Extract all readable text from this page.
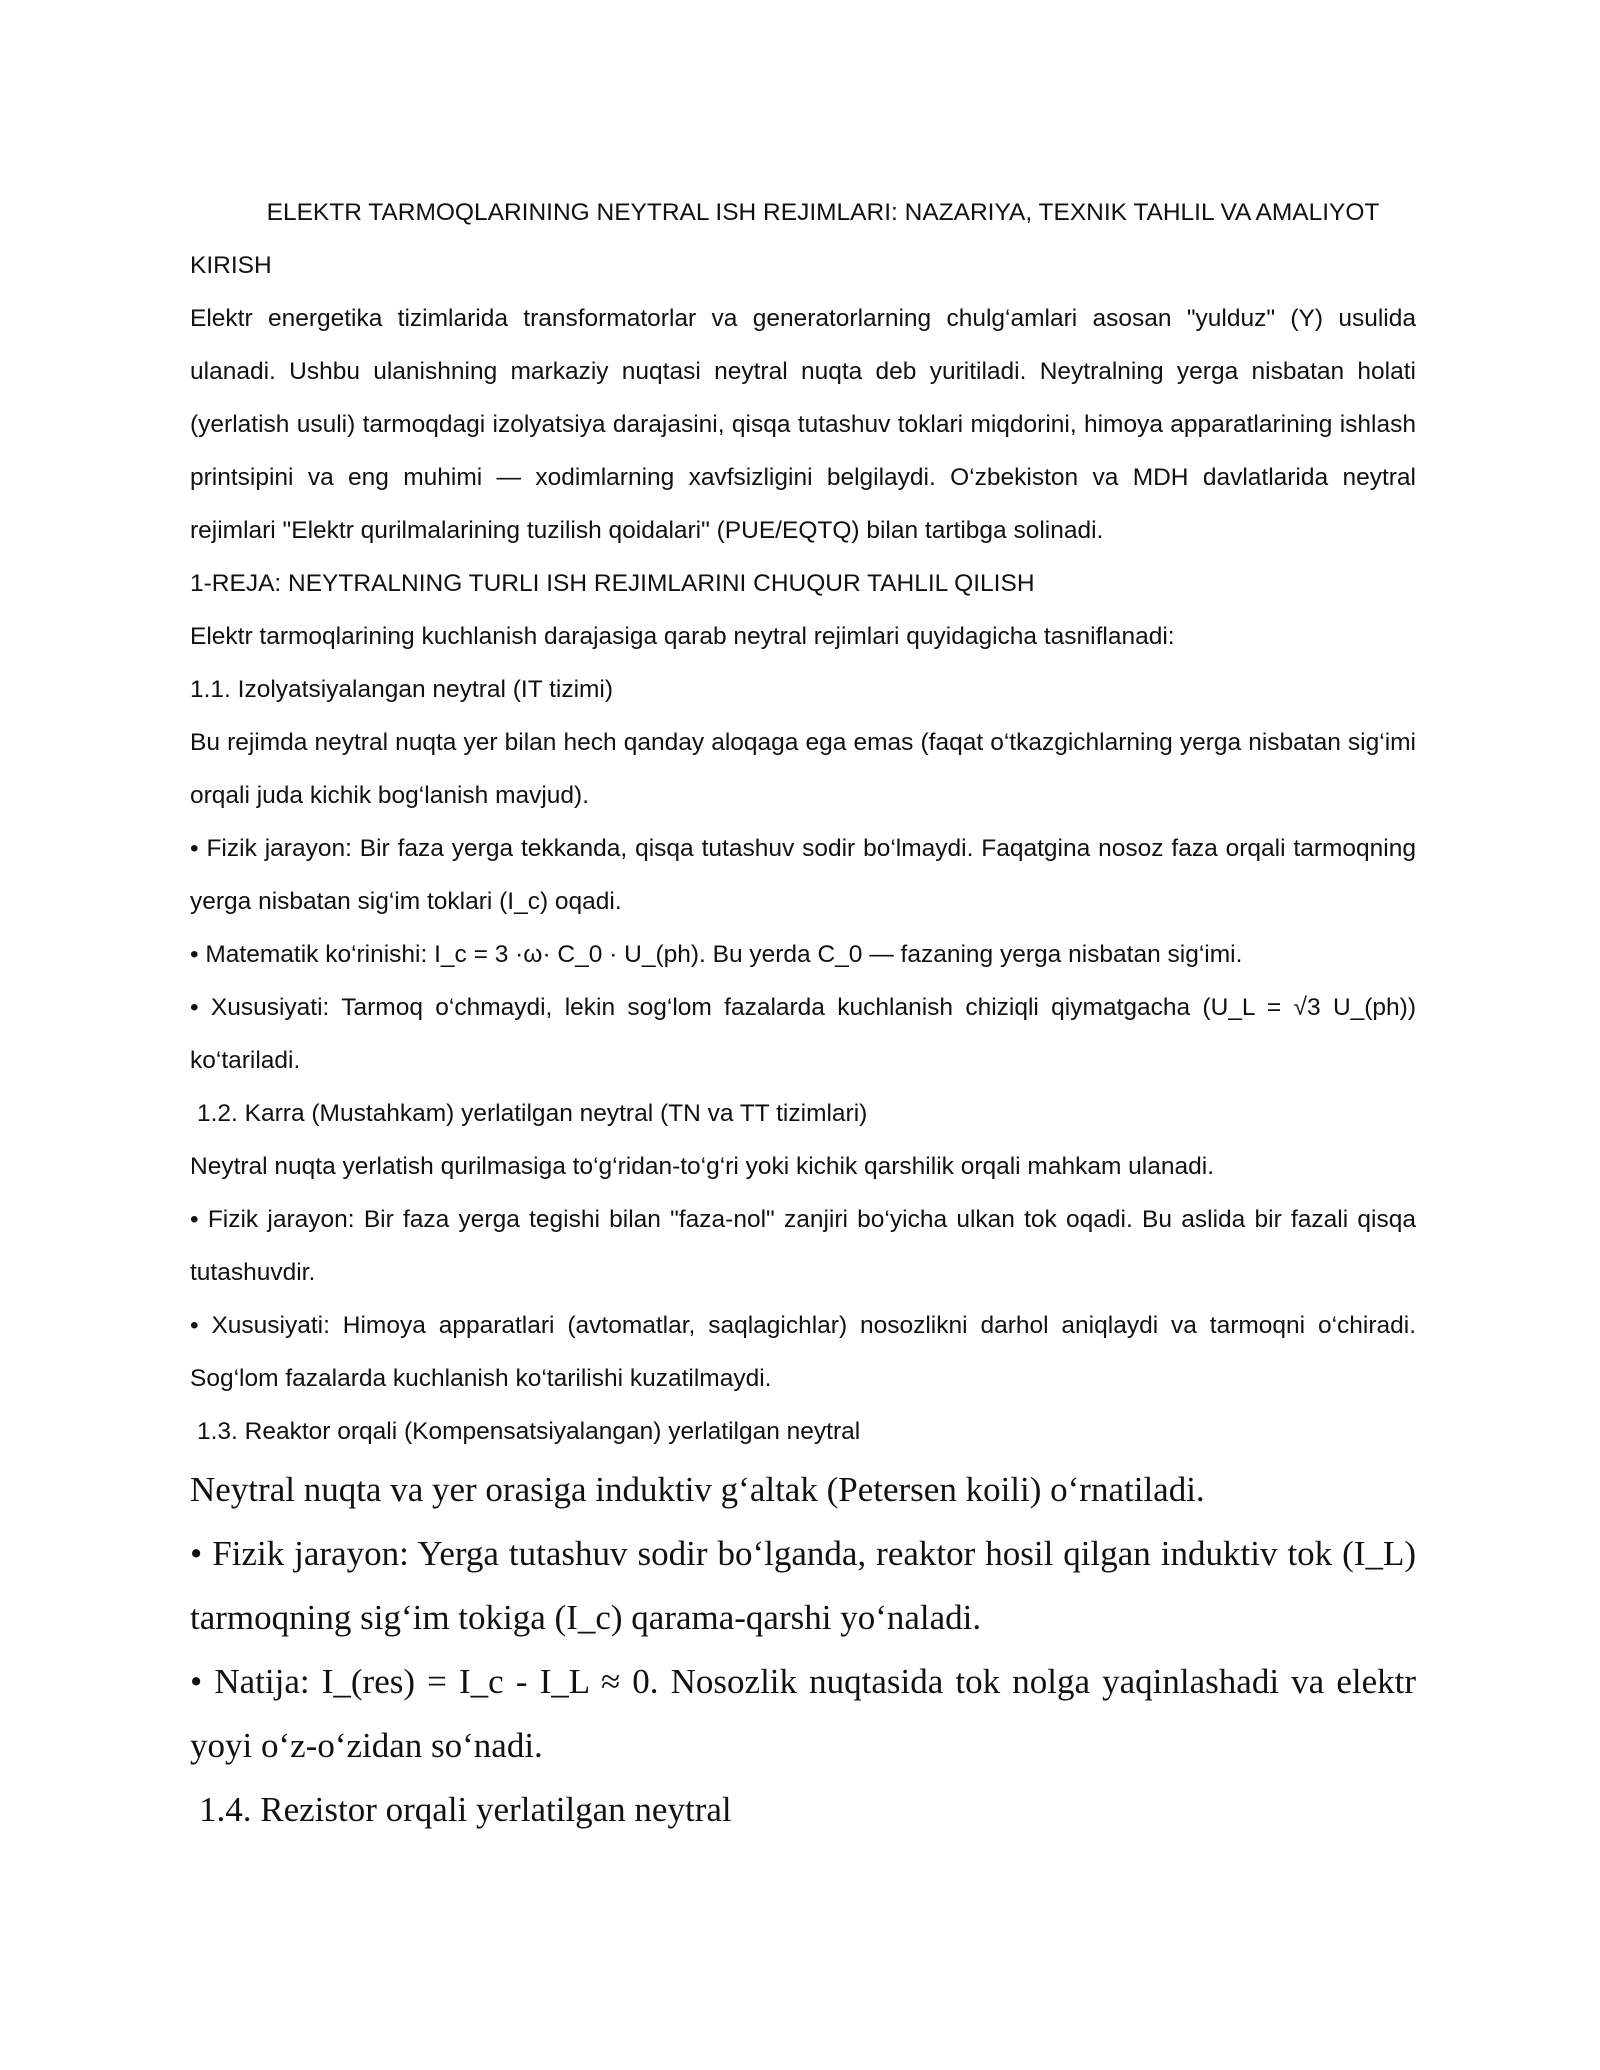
ELEKTR TARMOQLARINING NEYTRAL ISH REJIMLARI: NAZARIYA, TEXNIK TAHLIL VA AMALIYOT

KIRISH

Elektr energetika tizimlarida transformatorlar va generatorlarning chulg‘amlari asosan "yulduz" (Y) usulida ulanadi. Ushbu ulanishning markaziy nuqtasi neytral nuqta deb yuritiladi. Neytralning yerga nisbatan holati (yerlatish usuli) tarmoqdagi izolyatsiya darajasini, qisqa tutashuv toklari miqdorini, himoya apparatlarining ishlash printsipini va eng muhimi — xodimlarning xavfsizligini belgilaydi. O‘zbekiston va MDH davlatlarida neytral rejimlari "Elektr qurilmalarining tuzilish qoidalari" (PUE/EQTQ) bilan tartibga solinadi.

1-REJA: NEYTRALNING TURLI ISH REJIMLARINI CHUQUR TAHLIL QILISH

Elektr tarmoqlarining kuchlanish darajasiga qarab neytral rejimlari quyidagicha tasniflanadi:

1.1. Izolyatsiyalangan neytral (IT tizimi)

Bu rejimda neytral nuqta yer bilan hech qanday aloqaga ega emas (faqat o‘tkazgichlarning yerga nisbatan sig‘imi orqali juda kichik bog‘lanish mavjud).

• Fizik jarayon: Bir faza yerga tekkanda, qisqa tutashuv sodir bo‘lmaydi. Faqatgina nosoz faza orqali tarmoqning yerga nisbatan sig‘im toklari (I_c) oqadi.

• Matematik ko‘rinishi: I_c = 3 ·ω· C_0 · U_(ph). Bu yerda C_0 — fazaning yerga nisbatan sig‘imi.

• Xususiyati: Tarmoq o‘chmaydi, lekin sog‘lom fazalarda kuchlanish chiziqli qiymatgacha (U_L = √3 U_(ph)) ko‘tariladi.

1.2. Karra (Mustahkam) yerlatilgan neytral (TN va TT tizimlari)

Neytral nuqta yerlatish qurilmasiga to‘g‘ridan-to‘g‘ri yoki kichik qarshilik orqali mahkam ulanadi.

• Fizik jarayon: Bir faza yerga tegishi bilan "faza-nol" zanjiri bo‘yicha ulkan tok oqadi. Bu aslida bir fazali qisqa tutashuvdir.

• Xususiyati: Himoya apparatlari (avtomatlar, saqlagichlar) nosozlikni darhol aniqlaydi va tarmoqni o‘chiradi. Sog‘lom fazalarda kuchlanish ko‘tarilishi kuzatilmaydi.

1.3. Reaktor orqali (Kompensatsiyalangan) yerlatilgan neytral

Neytral nuqta va yer orasiga induktiv g‘altak (Petersen koili) o‘rnatiladi.

• Fizik jarayon: Yerga tutashuv sodir bo‘lganda, reaktor hosil qilgan induktiv tok (I_L) tarmoqning sig‘im tokiga (I_c) qarama-qarshi yo‘naladi.

• Natija: I_(res) = I_c - I_L ≈ 0. Nosozlik nuqtasida tok nolga yaqinlashadi va elektr yoyi o‘z-o‘zidan so‘nadi.

1.4. Rezistor orqali yerlatilgan neytral
